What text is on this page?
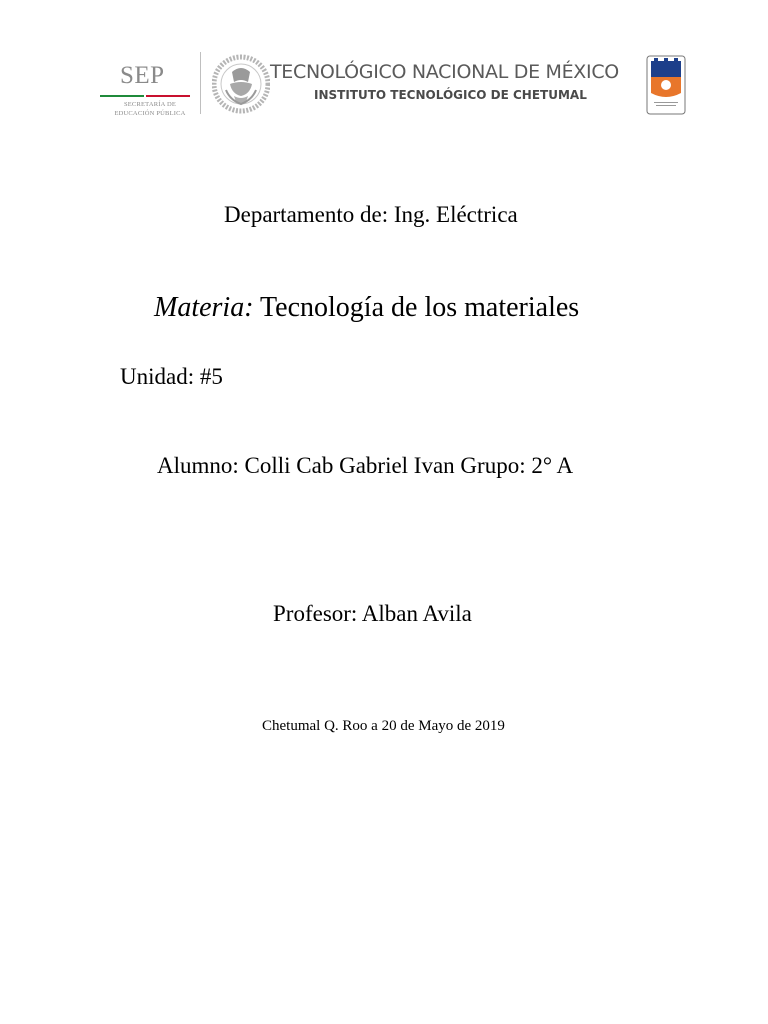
SEP
SECRETARÍA DE
EDUCACIÓN PÚBLICA
TECNOLÓGICO NACIONAL DE MÉXICO
INSTITUTO TECNOLÓGICO DE CHETUMAL
Departamento de: Ing. Eléctrica
Materia: Tecnología de los materiales
Unidad: #5
Alumno: Colli Cab Gabriel Ivan Grupo: 2° A
Profesor: Alban Avila
Chetumal Q. Roo a 20 de Mayo de 2019
